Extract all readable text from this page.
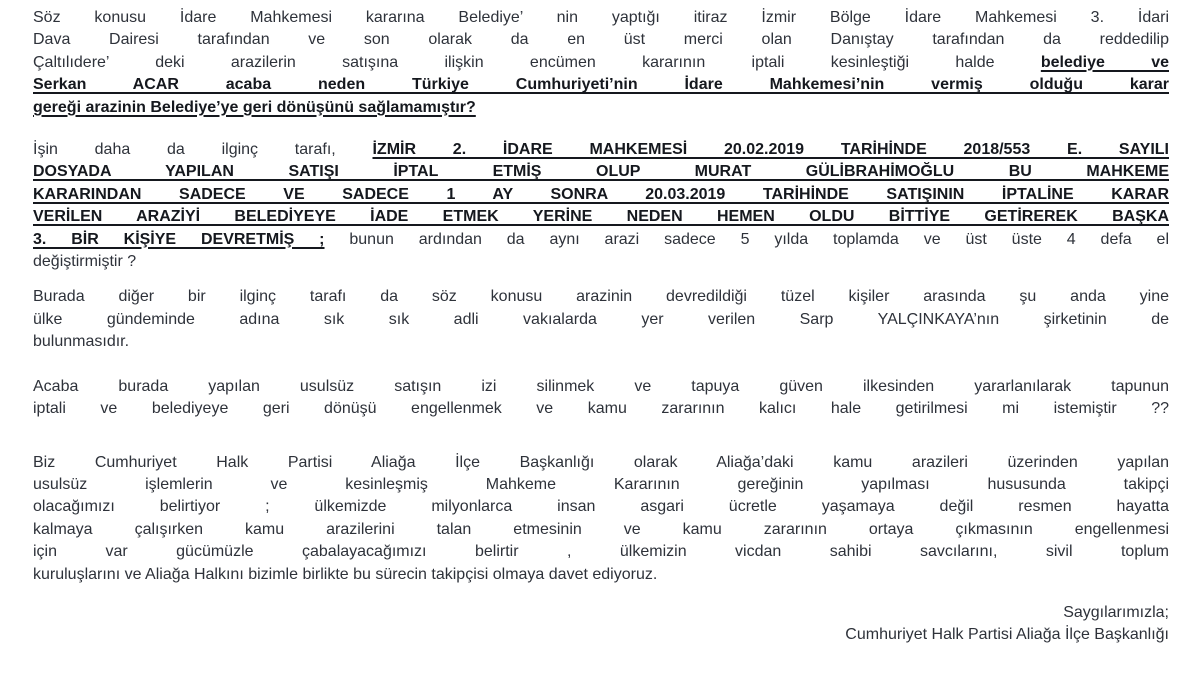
Söz konusu İdare Mahkemesi kararına Belediye’ nin yaptığı itiraz İzmir Bölge İdare Mahkemesi 3. İdari
Dava Dairesi tarafından ve son olarak da en üst merci olan Danıştay tarafından da reddedilip
Çaltılıdere’ deki arazilerin satışına ilişkin encümen kararının iptali kesinleştiği halde belediye ve
Serkan ACAR acaba neden Türkiye Cumhuriyeti’nin İdare Mahkemesi’nin vermiş olduğu karar
gereği arazinin Belediye’ye geri dönüşünü sağlamamıştır?
İşin daha da ilginç tarafı, İZMİR 2. İDARE MAHKEMESİ 20.02.2019 TARİHİNDE 2018/553 E. SAYILI
DOSYADA YAPILAN SATIŞI İPTAL ETMİŞ OLUP MURAT GÜLİBRAHİMOĞLU BU MAHKEME
KARARINDAN SADECE VE SADECE 1 AY SONRA 20.03.2019 TARİHİNDE SATIŞININ İPTALİNE KARAR
VERİLEN ARAZİYİ BELEDİYEYE İADE ETMEK YERİNE NEDEN HEMEN OLDU BİTTİYE GETİREREK BAŞKA
3. BİR KİŞİYE DEVRETMİŞ ; bunun ardından da aynı arazi sadece 5 yılda toplamda ve üst üste 4 defa el
değiştirmiştir ?
Burada diğer bir ilginç tarafı da söz konusu arazinin devredildiği tüzel kişiler arasında şu anda yine
ülke gündeminde adına sık sık adli vakıalarda yer verilen Sarp YALÇINKAYA’nın şirketinin de
bulunmasıdır.
Acaba burada yapılan usulsüz satışın izi silinmek ve tapuya güven ilkesinden yararlanılarak tapunun
iptali ve belediyeye geri dönüşü engellenmek ve kamu zararının kalıcı hale getirilmesi mi istemiştir ??
Biz Cumhuriyet Halk Partisi Aliağa İlçe Başkanlığı olarak Aliağa’daki kamu arazileri üzerinden yapılan
usulsüz işlemlerin ve kesinleşmiş Mahkeme Kararının gereğinin yapılması hususunda takipçi
olacağımızı belirtiyor ; ülkemizde milyonlarca insan asgari ücretle yaşamaya değil resmen hayatta
kalmaya çalışırken kamu arazilerini talan etmesinin ve kamu zararının ortaya çıkmasının engellenmesi
için var gücümüzle çabalayacağımızı belirtir , ülkemizin vicdan sahibi savcılarını, sivil toplum
kuruluşlarını ve Aliağa Halkını bizimle birlikte bu sürecin takipçisi olmaya davet ediyoruz.
Saygılarımızla;
Cumhuriyet Halk Partisi Aliağa İlçe Başkanlığı
